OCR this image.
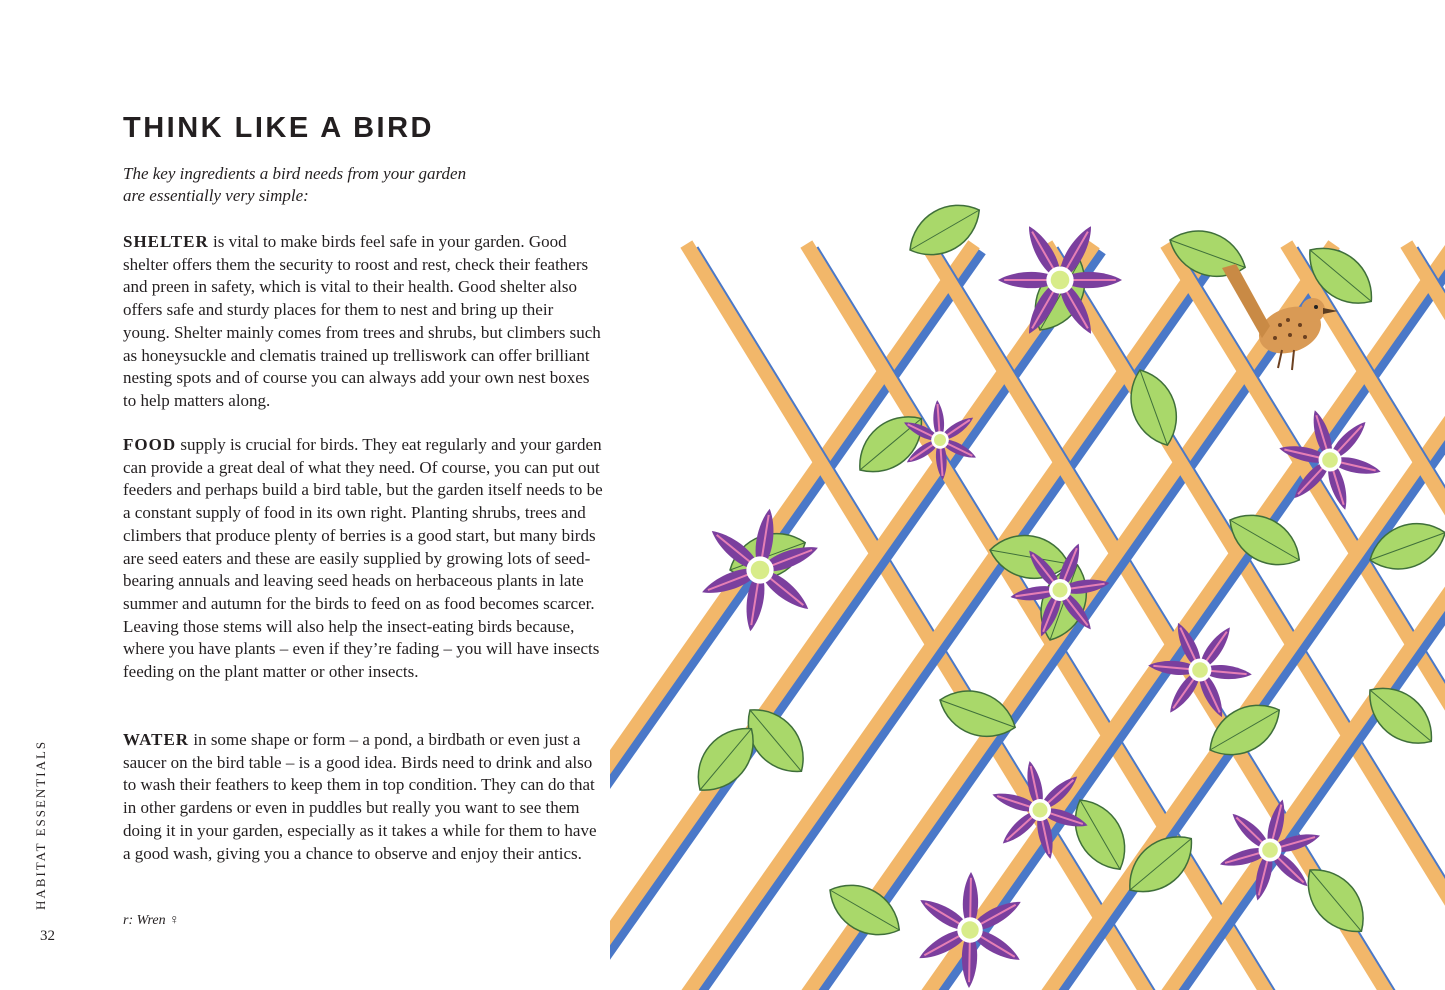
THINK LIKE A BIRD

The key ingredients a bird needs from your garden
are essentially very simple:

SHELTER is vital to make birds feel safe in your garden. Good shelter offers them the security to roost and rest, check their feathers and preen in safety, which is vital to their health. Good shelter also offers safe and sturdy places for them to nest and bring up their young. Shelter mainly comes from trees and shrubs, but climbers such as honeysuckle and clematis trained up trelliswork can offer brilliant nesting spots and of course you can always add your own nest boxes to help matters along.

FOOD supply is crucial for birds. They eat regularly and your garden can provide a great deal of what they need. Of course, you can put out feeders and perhaps build a bird table, but the garden itself needs to be a constant supply of food in its own right. Planting shrubs, trees and climbers that produce plenty of berries is a good start, but many birds are seed eaters and these are easily supplied by growing lots of seed-bearing annuals and leaving seed heads on herbaceous plants in late summer and autumn for the birds to feed on as food becomes scarcer. Leaving those stems will also help the insect-eating birds because, where you have plants – even if they’re fading – you will have insects feeding on the plant matter or other insects.

WATER in some shape or form – a pond, a birdbath or even just a saucer on the bird table – is a good idea. Birds need to drink and also to wash their feathers to keep them in top condition. They can do that in other gardens or even in puddles but really you want to see them doing it in your garden, especially as it takes a while for them to have a good wash, giving you a chance to observe and enjoy their antics.

r: Wren ♀

HABITAT ESSENTIALS
32
